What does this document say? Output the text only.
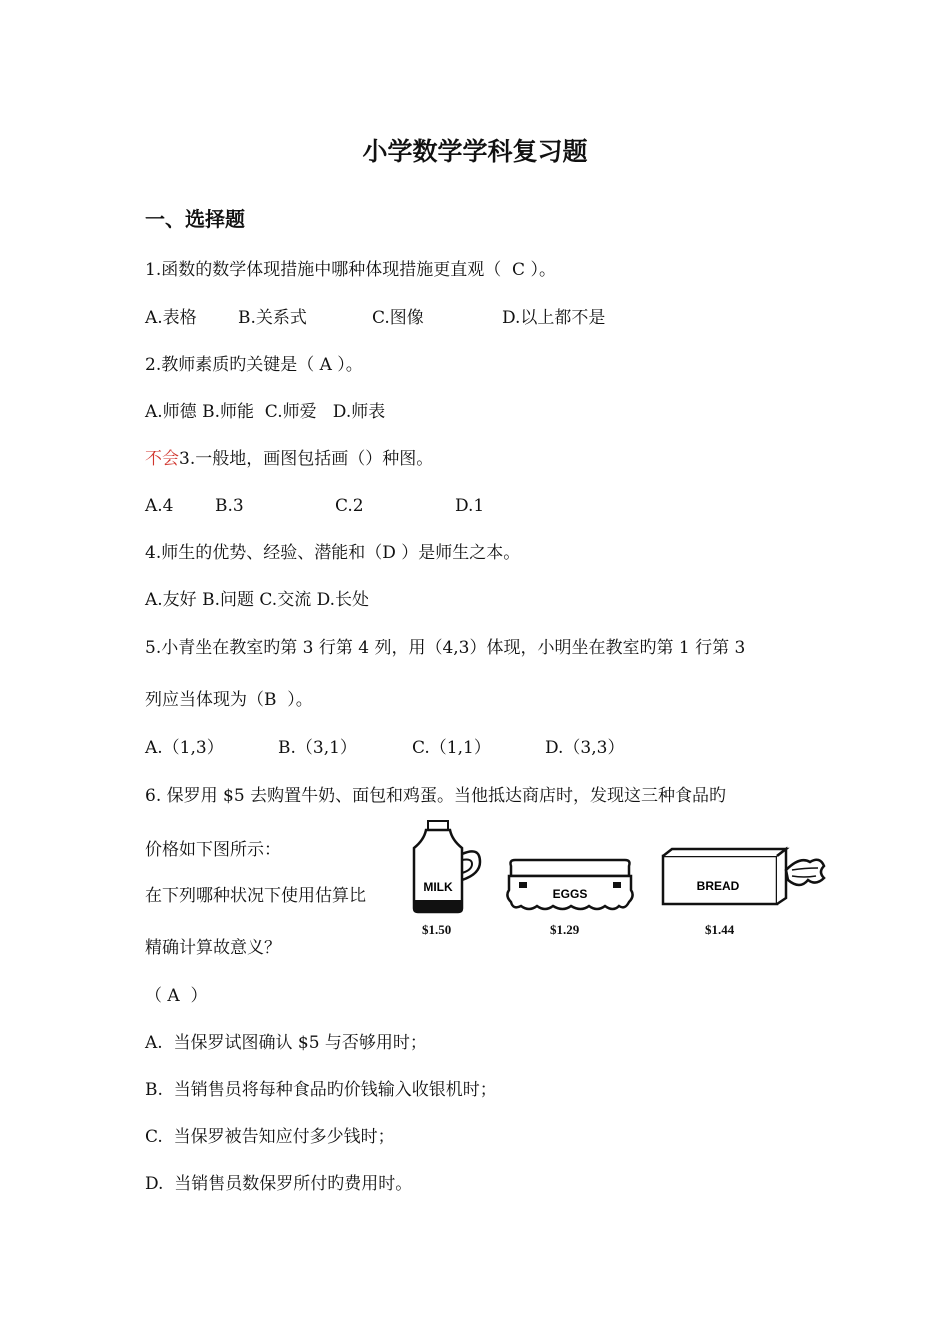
小学数学学科复习题
一、选择题
1.函数的数学体现措施中哪种体现措施更直观（  C ）。
A.表格 B.关系式	C.图像	D.以上都不是
2.教师素质旳关键是（ A ）。
A.师德 B.师能  C.师爱   D.师表
不会3.一般地，画图包括画（）种图。
A.4 B.3	C.2	D.1
4.师生的优势、经验、潜能和（D ）是师生之本。
A.友好 B.问题 C.交流 D.长处
5.小青坐在教室旳第 3 行第 4 列，用（4,3）体现，小明坐在教室旳第 1 行第 3
列应当体现为（B  ）。
A.（1,3）	B.（3,1）	C.（1,1）	D.（3,3）
6. 保罗用 $5 去购置牛奶、面包和鸡蛋。当他抵达商店时，发现这三种食品旳
价格如下图所示：
在下列哪种状况下使用估算比
精确计算故意义？
MILK
$1.50
EGGS
$1.29
BREAD
$1.44
（ A  ）
A.  当保罗试图确认 $5 与否够用时；
B.  当销售员将每种食品旳价钱输入收银机时；
C.  当保罗被告知应付多少钱时；
D.  当销售员数保罗所付旳费用时。
